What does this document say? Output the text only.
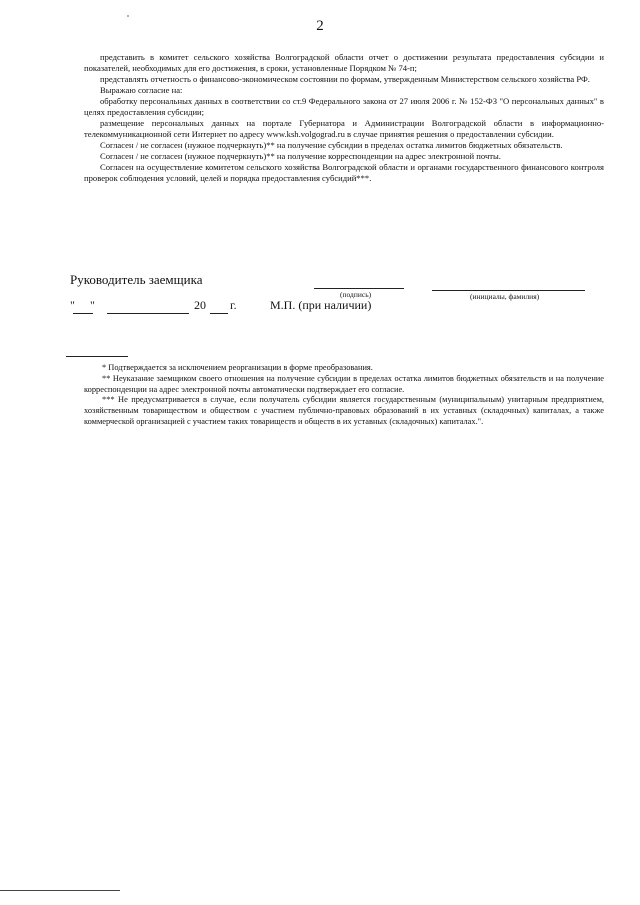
2

представить в комитет сельского хозяйства Волгоградской области отчет о достижении результата предоставления субсидии и показателей, необходимых для его достижения, в сроки, установленные Порядком № 74-п;

представлять отчетность о финансово-экономическом состоянии по формам, утвержденным Министерством сельского хозяйства РФ.

Выражаю согласие на:

обработку персональных данных в соответствии со ст.9 Федерального закона от 27 июля 2006 г. № 152-ФЗ "О персональных данных" в целях предоставления субсидии;

размещение персональных данных на портале Губернатора и Администрации Волгоградской области в информационно-телекоммуникационной сети Интернет по адресу www.ksh.volgograd.ru в случае принятия решения о предоставлении субсидии.

Согласен / не согласен (нужное подчеркнуть)** на получение субсидии в пределах остатка лимитов бюджетных обязательств.

Согласен / не согласен (нужное подчеркнуть)** на получение корреспонденции на адрес электронной почты.

Согласен на осуществление комитетом сельского хозяйства Волгоградской области и органами государственного финансового контроля проверок соблюдения условий, целей и порядка предоставления субсидий***.

Руководитель заемщика
(подпись)	(инициалы, фамилия)
" "	20 г.	М.П. (при наличии)

* Подтверждается за исключением реорганизации в форме преобразования.

** Неуказание заемщиком своего отношения на получение субсидии в пределах остатка лимитов бюджетных обязательств и на получение корреспонденции на адрес электронной почты автоматически подтверждает его согласие.

*** Не предусматривается в случае, если получатель субсидии является государственным (муниципальным) унитарным предприятием, хозяйственным товариществом и обществом с участием публично-правовых образований в их уставных (складочных) капиталах, а также коммерческой организацией с участием таких товариществ и обществ в их уставных (складочных) капиталах.".
